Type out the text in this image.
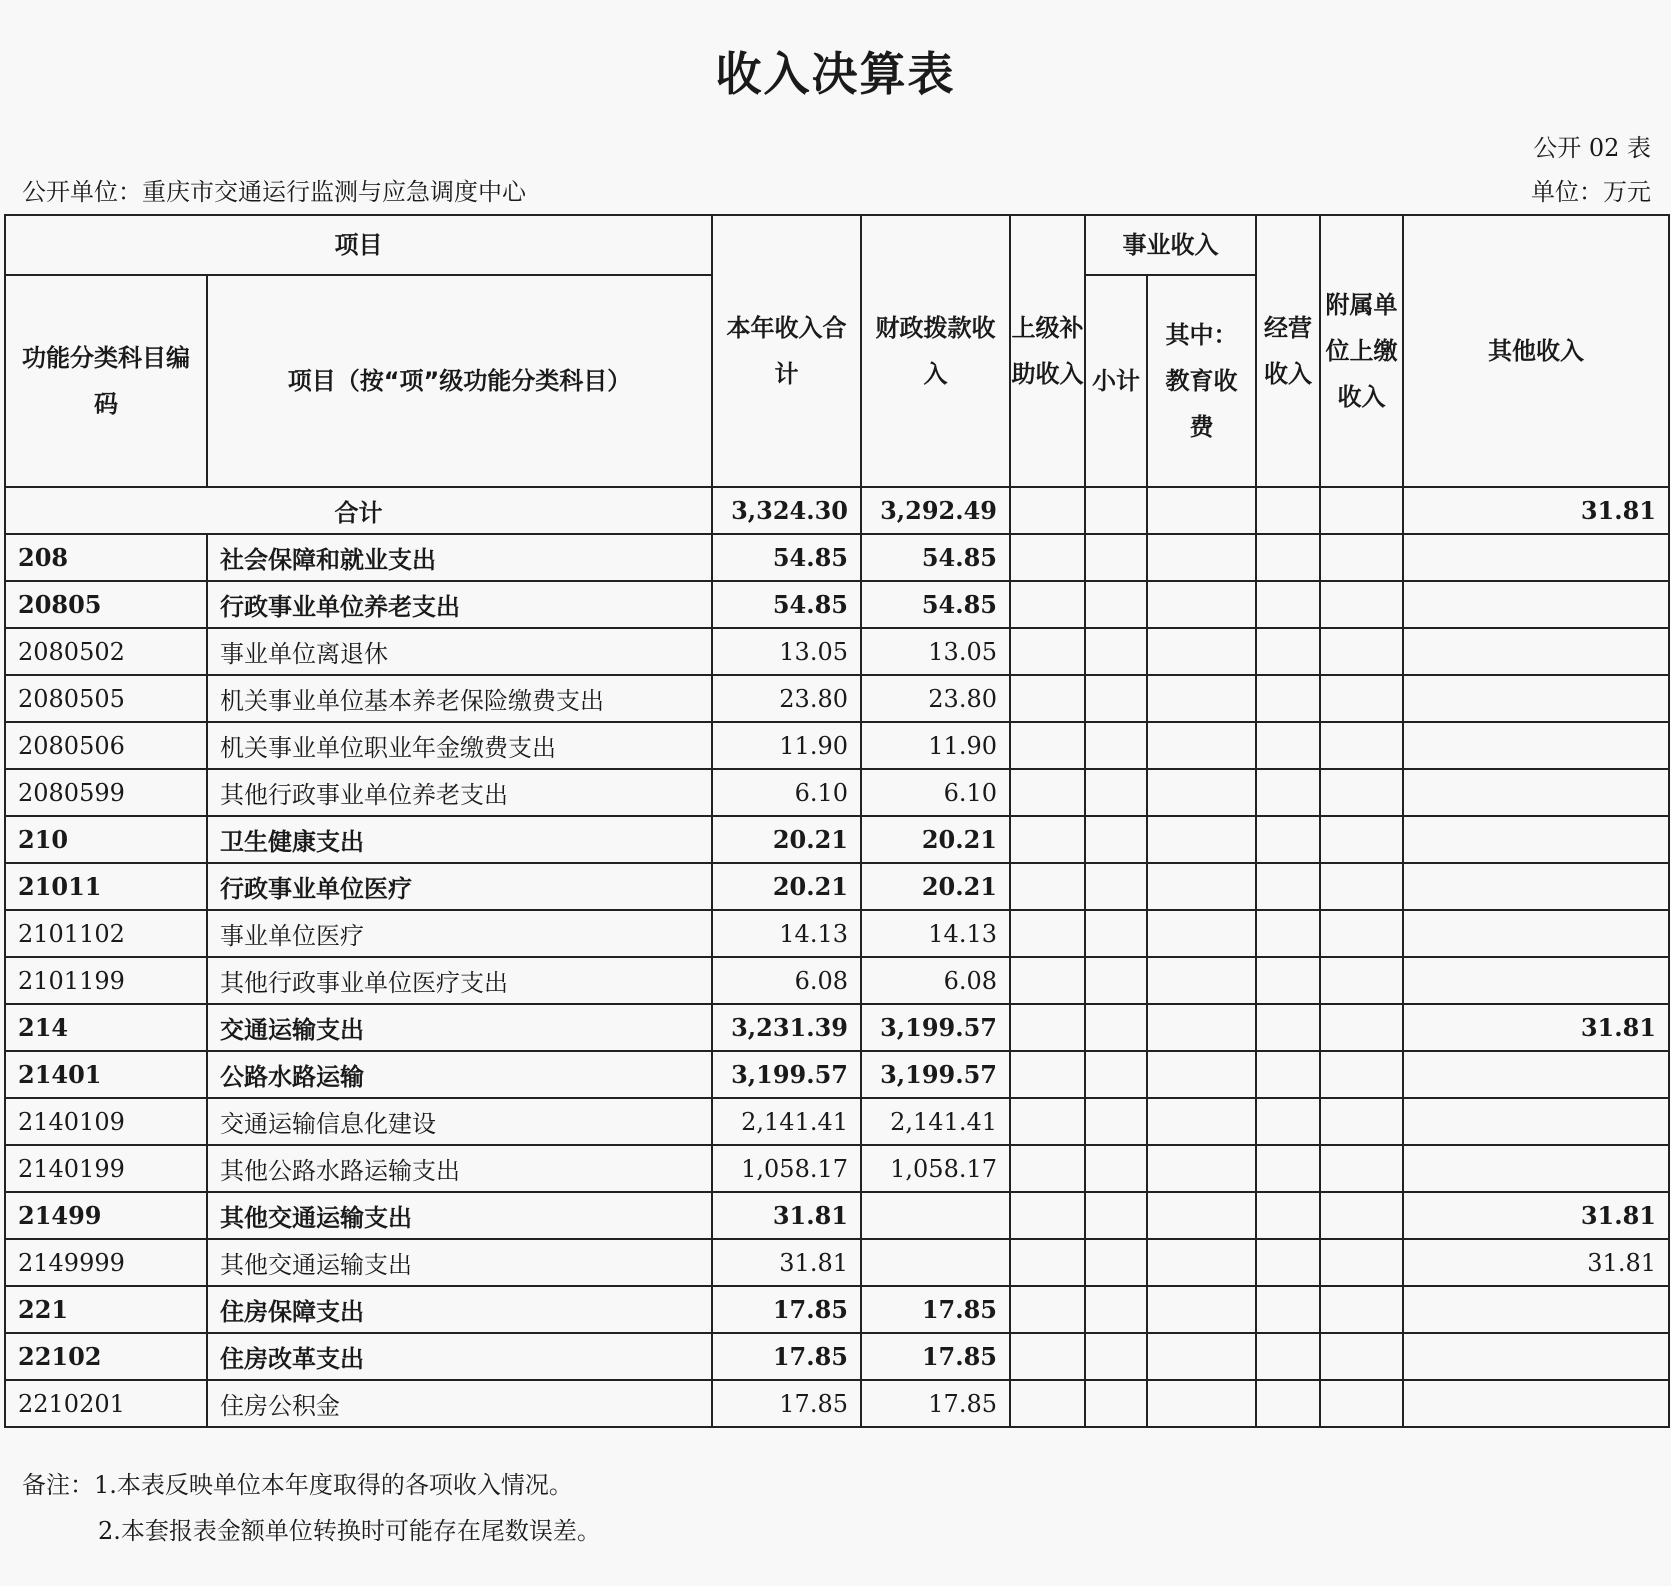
收入决算表
公开 02 表
公开单位：重庆市交通运行监测与应急调度中心	单位：万元
项目		本年收入合计	财政拨款收入	上级补助收入	事业收入		经营收入	附属单位上缴收入	其他收入
功能分类科目编码	项目（按“项”级功能分类科目）				小计	其中：教育收费			
合计		3,324.30	3,292.49						31.81
208	社会保障和就业支出	54.85	54.85						
20805	行政事业单位养老支出	54.85	54.85						
2080502	事业单位离退休	13.05	13.05						
2080505	机关事业单位基本养老保险缴费支出	23.80	23.80						
2080506	机关事业单位职业年金缴费支出	11.90	11.90						
2080599	其他行政事业单位养老支出	6.10	6.10						
210	卫生健康支出	20.21	20.21						
21011	行政事业单位医疗	20.21	20.21						
2101102	事业单位医疗	14.13	14.13						
2101199	其他行政事业单位医疗支出	6.08	6.08						
214	交通运输支出	3,231.39	3,199.57						31.81
21401	公路水路运输	3,199.57	3,199.57						
2140109	交通运输信息化建设	2,141.41	2,141.41						
2140199	其他公路水路运输支出	1,058.17	1,058.17						
21499	其他交通运输支出	31.81							31.81
2149999	其他交通运输支出	31.81							31.81
221	住房保障支出	17.85	17.85						
22102	住房改革支出	17.85	17.85						
2210201	住房公积金	17.85	17.85						
备注：1.本表反映单位本年度取得的各项收入情况。
2.本套报表金额单位转换时可能存在尾数误差。
